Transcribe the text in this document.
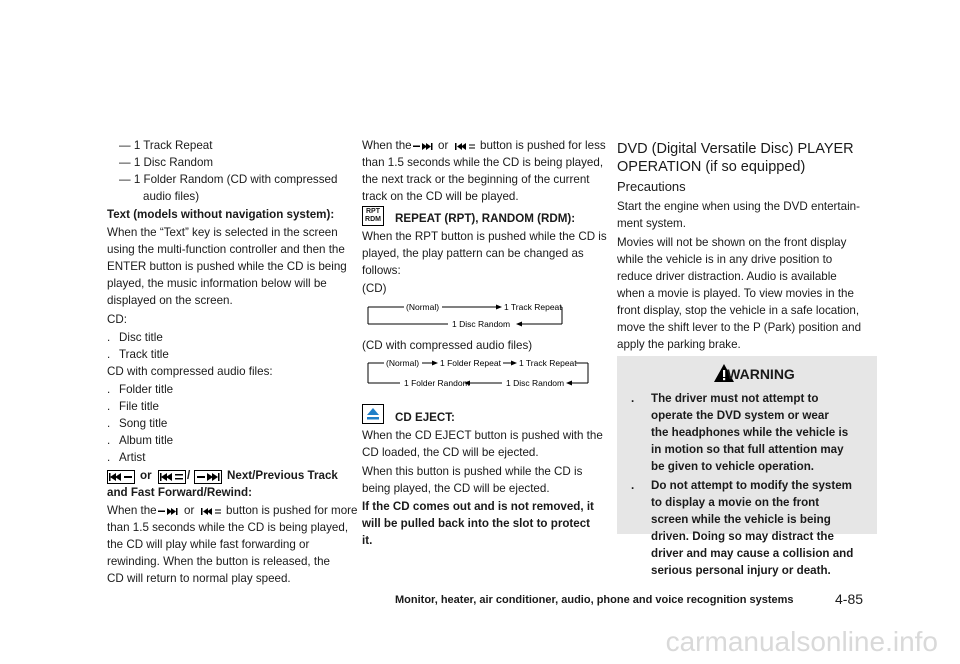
— 1 Track Repeat
— 1 Disc Random
— 1 Folder Random (CD with compressed
audio files)
Text (models without navigation system):
When the “Text” key is selected in the screen
using the multi-function controller and then the
ENTER button is pushed while the CD is being
played, the music information below will be
displayed on the screen.
CD:
. Disc title
. Track title
CD with compressed audio files:
. Folder title
. File title
. Song title
. Album title
. Artist
or	/	Next/Previous Track
and Fast Forward/Rewind:
When the or	button is pushed for more
than 1.5 seconds while the CD is being played,
the CD will play while fast forwarding or
rewinding. When the button is released, the
CD will return to normal play speed.
When the or	button is pushed for less
than 1.5 seconds while the CD is being played,
the next track or the beginning of the current
track on the CD will be played.
RPT
RDM REPEAT (RPT), RANDOM (RDM):
When the RPT button is pushed while the CD is
played, the play pattern can be changed as
follows:
(CD)
(Normal)	1 Track Repeat
1 Disc Random
(CD with compressed audio files)
(Normal) 1 Folder Repeat 1 Track Repeat
1 Disc Random
1 Folder Random
CD EJECT:
When the CD EJECT button is pushed with the
CD loaded, the CD will be ejected.
When this button is pushed while the CD is
being played, the CD will be ejected.
If the CD comes out and is not removed, it
will be pulled back into the slot to protect
it.
DVD (Digital Versatile Disc) PLAYER
OPERATION (if so equipped)
Precautions
Start the engine when using the DVD entertain-
ment system.
Movies will not be shown on the front display
while the vehicle is in any drive position to
reduce driver distraction. Audio is available
when a movie is played. To view movies in the
front display, stop the vehicle in a safe location,
move the shift lever to the P (Park) position and
apply the parking brake.
WARNING
. The driver must not attempt to
operate the DVD system or wear
the headphones while the vehicle is
in motion so that full attention may
be given to vehicle operation.
. Do not attempt to modify the system
to display a movie on the front
screen while the vehicle is being
driven. Doing so may distract the
driver and may cause a collision and
serious personal injury or death.
Monitor, heater, air conditioner, audio, phone and voice recognition systems	4-85
carmanualsonline.info
